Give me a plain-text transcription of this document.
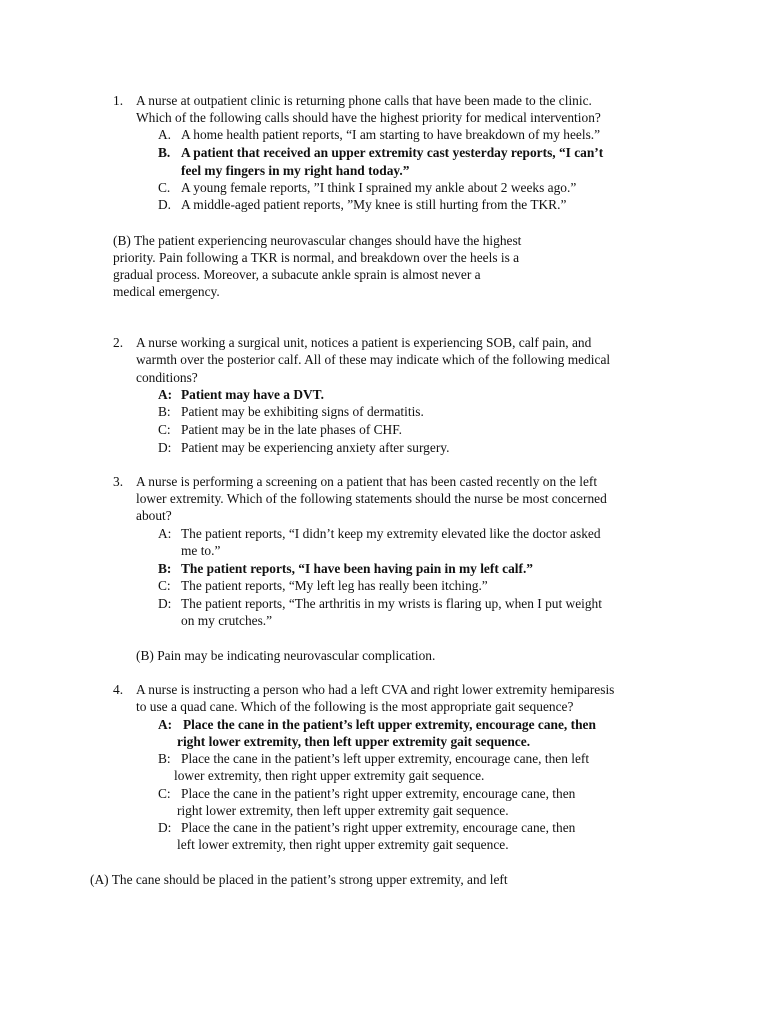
1. A nurse at outpatient clinic is returning phone calls that have been made to the clinic.
Which of the following calls should have the highest priority for medical intervention?
A. A home health patient reports, “I am starting to have breakdown of my heels.”
B. A patient that received an upper extremity cast yesterday reports, “I can’t
feel my fingers in my right hand today.”
C. A young female reports, ”I think I sprained my ankle about 2 weeks ago.”
D. A middle-aged patient reports, ”My knee is still hurting from the TKR.”
(B) The patient experiencing neurovascular changes should have the highest
priority. Pain following a TKR is normal, and breakdown over the heels is a
gradual process. Moreover, a subacute ankle sprain is almost never a
medical emergency.
2. A nurse working a surgical unit, notices a patient is experiencing SOB, calf pain, and
warmth over the posterior calf. All of these may indicate which of the following medical
conditions?
A: Patient may have a DVT.
B: Patient may be exhibiting signs of dermatitis.
C: Patient may be in the late phases of CHF.
D: Patient may be experiencing anxiety after surgery.
3. A nurse is performing a screening on a patient that has been casted recently on the left
lower extremity. Which of the following statements should the nurse be most concerned
about?
A: The patient reports, “I didn’t keep my extremity elevated like the doctor asked
me to.”
B: The patient reports, “I have been having pain in my left calf.”
C: The patient reports, “My left leg has really been itching.”
D: The patient reports, “The arthritis in my wrists is flaring up, when I put weight
on my crutches.”
(B) Pain may be indicating neurovascular complication.
4. A nurse is instructing a person who had a left CVA and right lower extremity hemiparesis
to use a quad cane. Which of the following is the most appropriate gait sequence?
A: Place the cane in the patient’s left upper extremity, encourage cane, then
right lower extremity, then left upper extremity gait sequence.
B: Place the cane in the patient’s left upper extremity, encourage cane, then left
lower extremity, then right upper extremity gait sequence.
C: Place the cane in the patient’s right upper extremity, encourage cane, then
right lower extremity, then left upper extremity gait sequence.
D: Place the cane in the patient’s right upper extremity, encourage cane, then
left lower extremity, then right upper extremity gait sequence.
(A) The cane should be placed in the patient’s strong upper extremity, and left
